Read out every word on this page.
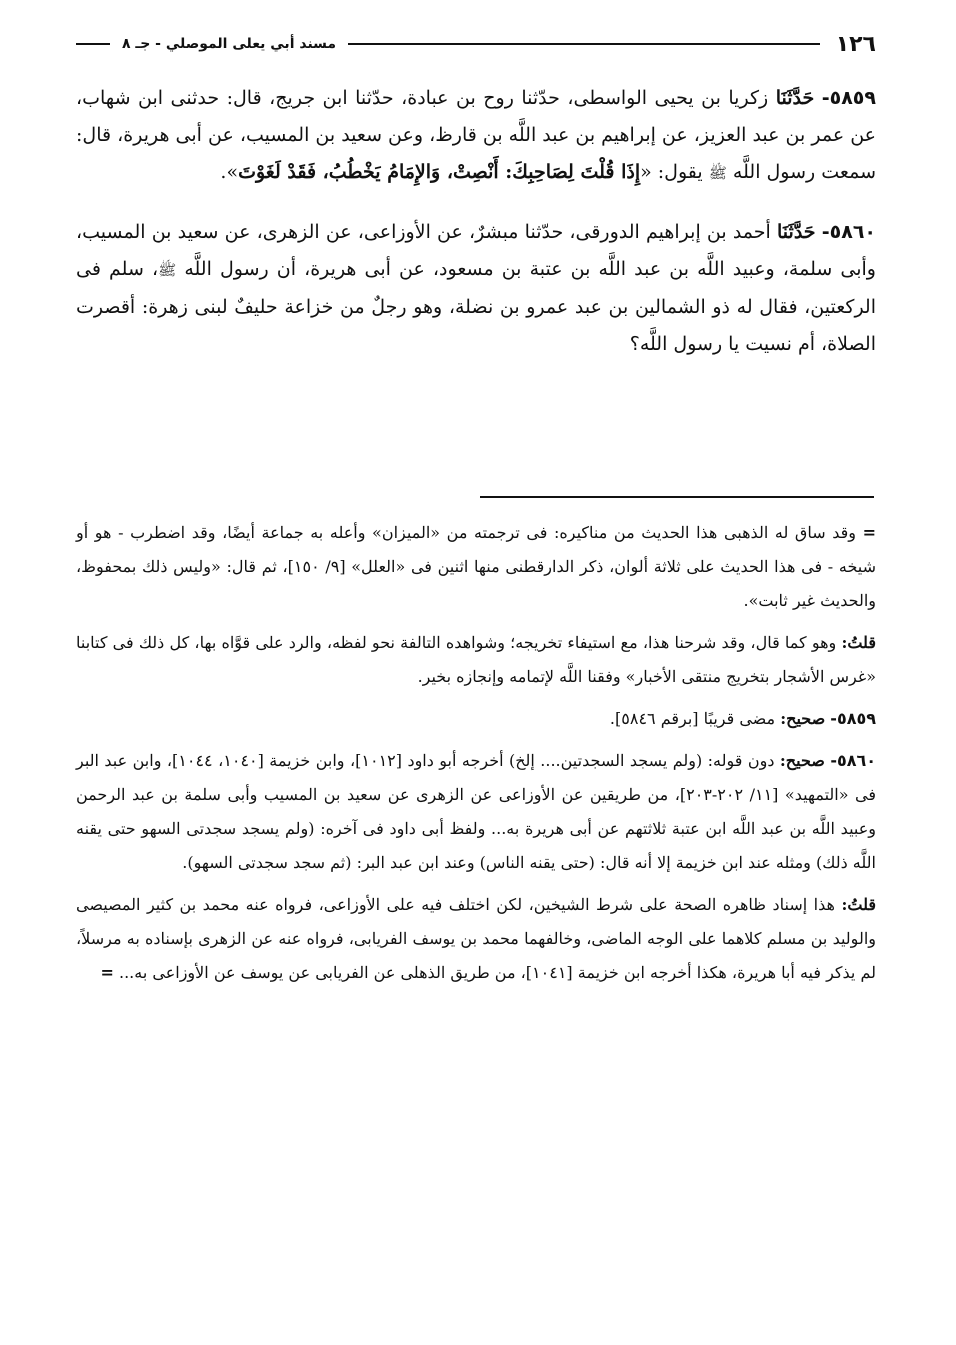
١٢٦
مسند أبي يعلى الموصلي - جـ ٨

٥٨٥٩- حَدَّثَنَا زكريا بن يحيى الواسطى، حدّثنا روح بن عبادة، حدّثنا ابن جريج، قال: حدثنى ابن شهاب، عن عمر بن عبد العزيز، عن إبراهيم بن عبد اللَّه بن قارظ، وعن سعيد بن المسيب، عن أبى هريرة، قال: سمعت رسول اللَّه ﷺ يقول: «إِذَا قُلْتَ لِصَاحِبِكَ: أَنْصِتْ، وَالإِمَامُ يَخْطُبُ، فَقَدْ لَغَوْتَ».

٥٨٦٠- حَدَّثَنَا أحمد بن إبراهيم الدورقى، حدّثنا مبشرٌ، عن الأوزاعى، عن الزهرى، عن سعيد بن المسيب، وأبى سلمة، وعبيد اللَّه بن عبد اللَّه بن عتبة بن مسعود، عن أبى هريرة، أن رسول اللَّه ﷺ، سلم فى الركعتين، فقال له ذو الشمالين بن عبد عمرو بن نضلة، وهو رجلٌ من خزاعة حليفٌ لبنى زهرة: أقصرت الصلاة، أم نسيت يا رسول اللَّه؟

= وقد ساق له الذهبى هذا الحديث من مناكيره: فى ترجمته من «الميزان» وأعله به جماعة أيضًا، وقد اضطرب - هو أو شيخه - فى هذا الحديث على ثلاثة ألوان، ذكر الدارقطنى منها اثنين فى «العلل» [٩/ ١٥٠]، ثم قال: «وليس ذلك بمحفوظ، والحديث غير ثابت».

قلتُ: وهو كما قال، وقد شرحنا هذا، مع استيفاء تخريجه؛ وشواهده التالفة نحو لفظه، والرد على قوَّاه بها، كل ذلك فى كتابنا «غرس الأشجار بتخريج منتقى الأخبار» وفقنا اللَّه لإتمامه وإنجازه بخير.

٥٨٥٩- صحيح: مضى قريبًا [برقم ٥٨٤٦].

٥٨٦٠- صحيح: دون قوله: (ولم يسجد السجدتين.... إلخ) أخرجه أبو داود [١٠١٢]، وابن خزيمة [١٠٤٠، ١٠٤٤]، وابن عبد البر فى «التمهيد» [١١/ ٢٠٢-٢٠٣]، من طريقين عن الأوزاعى عن الزهرى عن سعيد بن المسيب وأبى سلمة بن عبد الرحمن وعبيد اللَّه بن عبد اللَّه ابن عتبة ثلاثتهم عن أبى هريرة به... ولفظ أبى داود فى آخره: (ولم يسجد سجدتى السهو حتى يقنه اللَّه ذلك) ومثله عند ابن خزيمة إلا أنه قال: (حتى يقنه الناس) وعند ابن عبد البر: (ثم سجد سجدتى السهو).

قلتُ: هذا إسناد ظاهره الصحة على شرط الشيخين، لكن اختلف فيه على الأوزاعى، فرواه عنه محمد بن كثير المصيصى والوليد بن مسلم كلاهما على الوجه الماضى، وخالفهما محمد بن يوسف الفريابى، فرواه عنه عن الزهرى بإسناده به مرسلاً، لم يذكر فيه أبا هريرة، هكذا أخرجه ابن خزيمة [١٠٤١]، من طريق الذهلى عن الفريابى عن يوسف عن الأوزاعى به... =
